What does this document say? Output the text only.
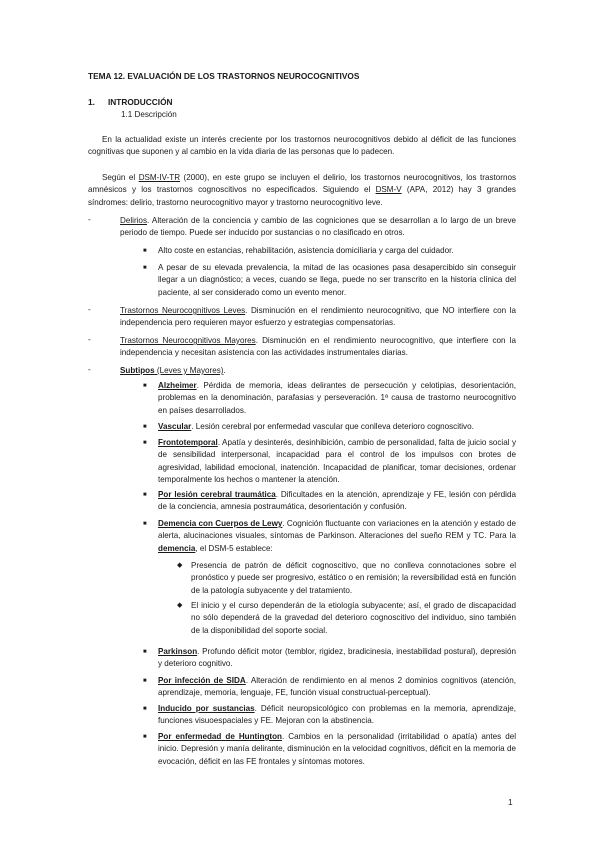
TEMA 12. EVALUACIÓN DE LOS TRASTORNOS NEUROCOGNITIVOS
1. INTRODUCCIÓN
1.1 Descripción
En la actualidad existe un interés creciente por los trastornos neurocognitivos debido al déficit de las funciones cognitivas que suponen y al cambio en la vida diaria de las personas que lo padecen.
Según el DSM-IV-TR (2000), en este grupo se incluyen el delirio, los trastornos neurocognitivos, los trastornos amnésicos y los trastornos cognoscitivos no especificados. Siguiendo el DSM-V (APA, 2012) hay 3 grandes síndromes: delirio, trastorno neurocognitivo mayor y trastorno neurocognitivo leve.
-	Delirios. Alteración de la conciencia y cambio de las cogniciones que se desarrollan a lo largo de un breve periodo de tiempo. Puede ser inducido por sustancias o no clasificado en otros.
■	Alto coste en estancias, rehabilitación, asistencia domiciliaria y carga del cuidador.
■	A pesar de su elevada prevalencia, la mitad de las ocasiones pasa desapercibido sin conseguir llegar a un diagnóstico; a veces, cuando se llega, puede no ser transcrito en la historia clínica del paciente, al ser considerado como un evento menor.
-	Trastornos Neurocognitivos Leves. Disminución en el rendimiento neurocognitivo, que NO interfiere con la independencia pero requieren mayor esfuerzo y estrategias compensatorias.
-	Trastornos Neurocognitivos Mayores. Disminución en el rendimiento neurocognitivo, que interfiere con la independencia y necesitan asistencia con las actividades instrumentales diarias.
-	Subtipos (Leves y Mayores).
■	Alzheimer. Pérdida de memoria, ideas delirantes de persecución y celotipias, desorientación, problemas en la denominación, parafasias y perseveración. 1ª causa de trastorno neurocognitivo en países desarrollados.
■	Vascular. Lesión cerebral por enfermedad vascular que conlleva deterioro cognoscitivo.
■	Frontotemporal. Apatía y desinterés, desinhibición, cambio de personalidad, falta de juicio social y de sensibilidad interpersonal, incapacidad para el control de los impulsos con brotes de agresividad, labilidad emocional, inatención. Incapacidad de planificar, tomar decisiones, ordenar temporalmente los hechos o mantener la atención.
■	Por lesión cerebral traumática. Dificultades en la atención, aprendizaje y FE, lesión con pérdida de la conciencia, amnesia postraumática, desorientación y confusión.
■	Demencia con Cuerpos de Lewy. Cognición fluctuante con variaciones en la atención y estado de alerta, alucinaciones visuales, síntomas de Parkinson. Alteraciones del sueño REM y TC. Para la demencia, el DSM-5 establece:
◆ Presencia de patrón de déficit cognoscitivo, que no conlleva connotaciones sobre el pronóstico y puede ser progresivo, estático o en remisión; la reversibilidad está en función de la patología subyacente y del tratamiento.
◆ El inicio y el curso dependerán de la etiología subyacente; así, el grado de discapacidad no sólo dependerá de la gravedad del deterioro cognoscitivo del individuo, sino también de la disponibilidad del soporte social.
■	Parkinson. Profundo déficit motor (temblor, rigidez, bradicinesia, inestabilidad postural), depresión y deterioro cognitivo.
■	Por infección de SIDA. Alteración de rendimiento en al menos 2 dominios cognitivos (atención, aprendizaje, memoria, lenguaje, FE, función visual constructual-perceptual).
■	Inducido por sustancias. Déficit neuropsicológico con problemas en la memoria, aprendizaje, funciones visuoespaciales y FE. Mejoran con la abstinencia.
■	Por enfermedad de Huntington. Cambios en la personalidad (irritabilidad o apatía) antes del inicio. Depresión y manía delirante, disminución en la velocidad cognitivos, déficit en la memoria de evocación, déficit en las FE frontales y síntomas motores.
1
